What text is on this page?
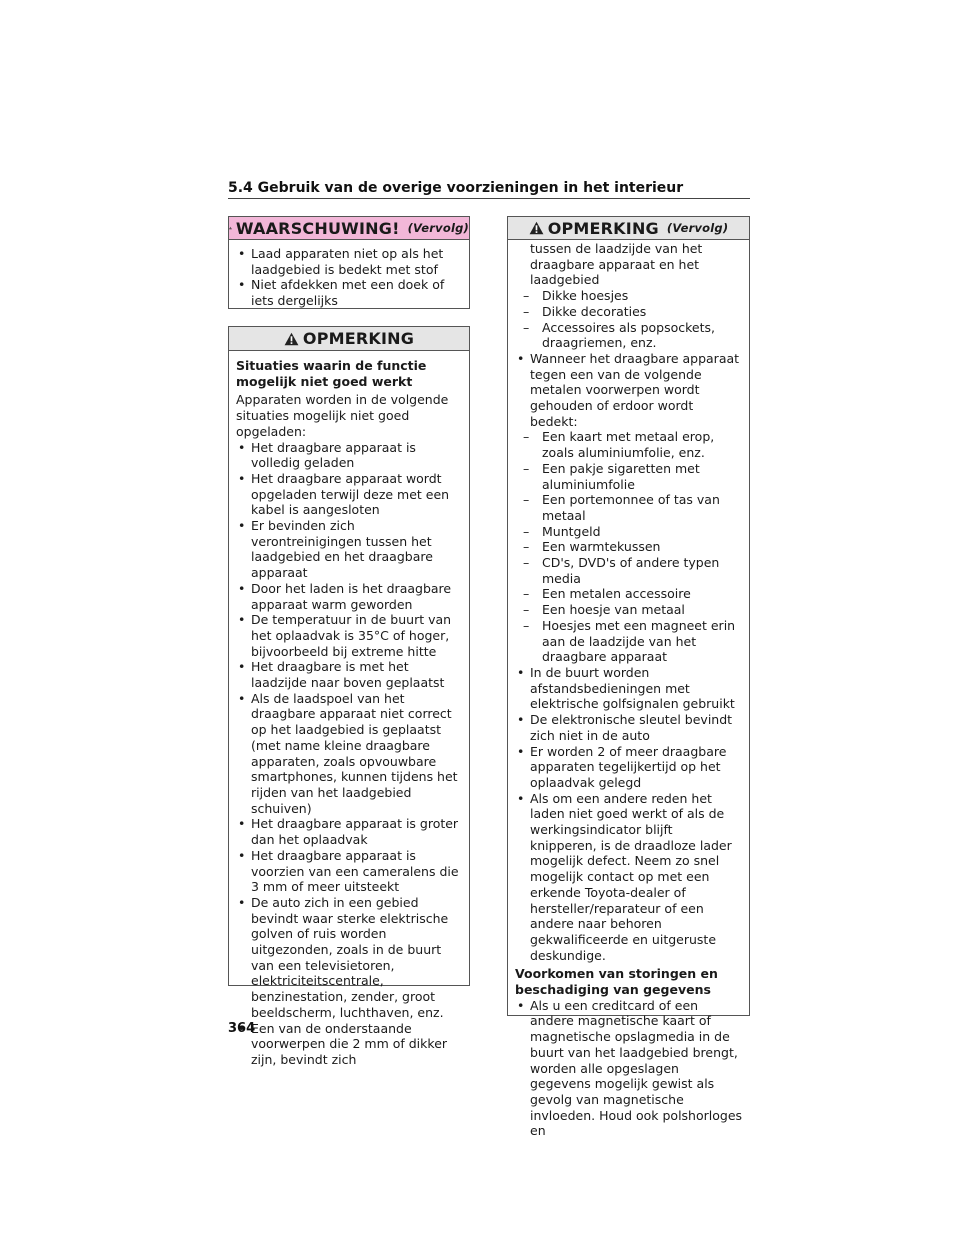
5.4 Gebruik van de overige voorzieningen in het interieur
WAARSCHUWING! (Vervolg)
• Laad apparaten niet op als het laadgebied is bedekt met stof
• Niet afdekken met een doek of iets dergelijks
OPMERKING
Situaties waarin de functie mogelijk niet goed werkt
Apparaten worden in de volgende situaties mogelijk niet goed opgeladen:
• Het draagbare apparaat is volledig geladen
• Het draagbare apparaat wordt opgeladen terwijl deze met een kabel is aangesloten
• Er bevinden zich verontreinigingen tussen het laadgebied en het draagbare apparaat
• Door het laden is het draagbare apparaat warm geworden
• De temperatuur in de buurt van het oplaadvak is 35°C of hoger, bijvoorbeeld bij extreme hitte
• Het draagbare is met het laadzijde naar boven geplaatst
• Als de laadspoel van het draagbare apparaat niet correct op het laadgebied is geplaatst (met name kleine draagbare apparaten, zoals opvouwbare smartphones, kunnen tijdens het rijden van het laadgebied schuiven)
• Het draagbare apparaat is groter dan het oplaadvak
• Het draagbare apparaat is voorzien van een cameralens die 3 mm of meer uitsteekt
• De auto zich in een gebied bevindt waar sterke elektrische golven of ruis worden uitgezonden, zoals in de buurt van een televisietoren, elektriciteitscentrale, benzinestation, zender, groot beeldscherm, luchthaven, enz.
• Een van de onderstaande voorwerpen die 2 mm of dikker zijn, bevindt zich
OPMERKING (Vervolg)
tussen de laadzijde van het draagbare apparaat en het laadgebied
– Dikke hoesjes
– Dikke decoraties
– Accessoires als popsockets, draagriemen, enz.
• Wanneer het draagbare apparaat tegen een van de volgende metalen voorwerpen wordt gehouden of erdoor wordt bedekt:
– Een kaart met metaal erop, zoals aluminiumfolie, enz.
– Een pakje sigaretten met aluminiumfolie
– Een portemonnee of tas van metaal
– Muntgeld
– Een warmtekussen
– CD's, DVD's of andere typen media
– Een metalen accessoire
– Een hoesje van metaal
– Hoesjes met een magneet erin aan de laadzijde van het draagbare apparaat
• In de buurt worden afstandsbedieningen met elektrische golfsignalen gebruikt
• De elektronische sleutel bevindt zich niet in de auto
• Er worden 2 of meer draagbare apparaten tegelijkertijd op het oplaadvak gelegd
• Als om een andere reden het laden niet goed werkt of als de werkingsindicator blijft knipperen, is de draadloze lader mogelijk defect. Neem zo snel mogelijk contact op met een erkende Toyota-dealer of hersteller/reparateur of een andere naar behoren gekwalificeerde en uitgeruste deskundige.
Voorkomen van storingen en beschadiging van gegevens
• Als u een creditcard of een andere magnetische kaart of magnetische opslagmedia in de buurt van het laadgebied brengt, worden alle opgeslagen gegevens mogelijk gewist als gevolg van magnetische invloeden. Houd ook polshorloges en
364
